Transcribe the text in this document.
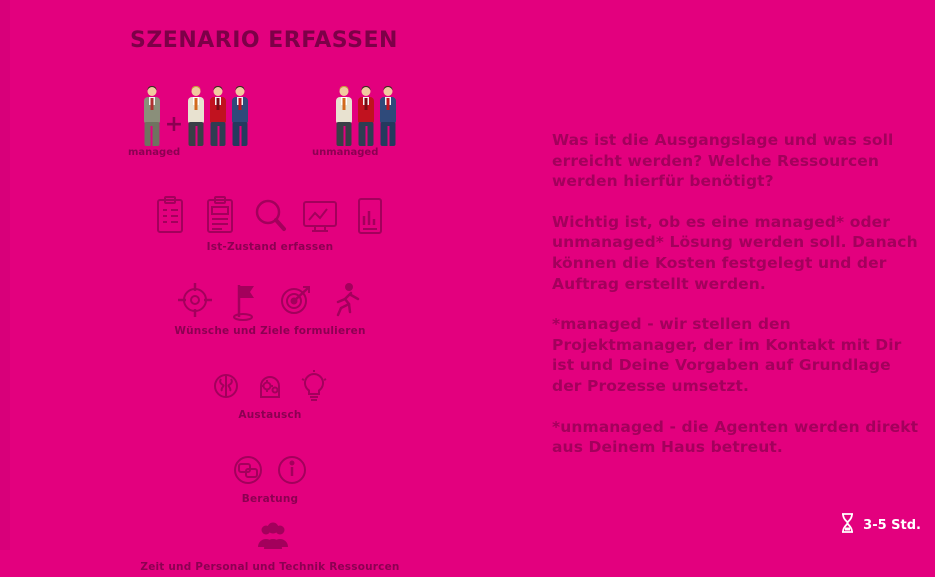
SZENARIO ERFASSEN
+
managed	unmanaged
Ist-Zustand erfassen
Wünsche und Ziele formulieren
Austausch
Beratung
Zeit und Personal und Technik Ressourcen
Was ist die Ausgangslage und was soll erreicht werden? Welche Ressourcen werden hierfür benötigt?
Wichtig ist, ob es eine managed* oder unmanaged* Lösung werden soll. Danach können die Kosten festgelegt und der Auftrag erstellt werden.
*managed - wir stellen den Projektmanager, der im Kontakt mit Dir ist und Deine Vorgaben auf Grundlage der Prozesse umsetzt.
*unmanaged - die Agenten werden direkt aus Deinem Haus betreut.
3-5 Std.
